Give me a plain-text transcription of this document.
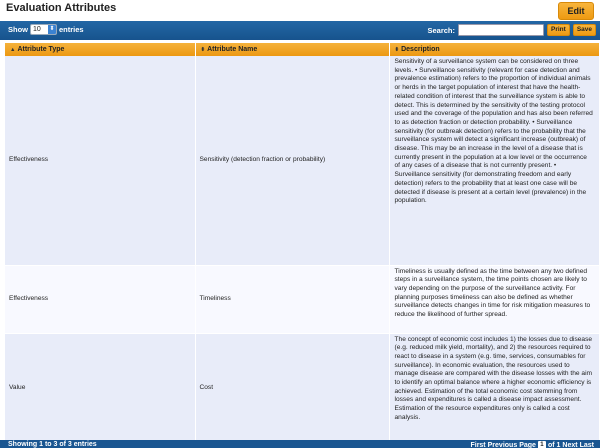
Evaluation Attributes	Edit
Show 10 ⬍ entries	Search:	Print	Save
▲ Attribute Type	⬍ Attribute Name	⬍ Description
Effectiveness	Sensitivity (detection fraction or probability)	Sensitivity of a surveillance system can be considered on three levels. • Surveillance sensitivity (relevant for case detection and prevalence estimation) refers to the proportion of individual animals or herds in the target population of interest that have the health-related condition of interest that the surveillance system is able to detect. This is determined by the sensitivity of the testing protocol used and the coverage of the population and has also been referred to as detection fraction or detection probability. • Surveillance sensitivity (for outbreak detection) refers to the probability that the surveillance system will detect a significant increase (outbreak) of disease. This may be an increase in the level of a disease that is currently present in the population at a low level or the occurrence of any cases of a disease that is not currently present. • Surveillance sensitivity (for demonstrating freedom and early detection) refers to the probability that at least one case will be detected if disease is present at a certain level (prevalence) in the population.
Effectiveness	Timeliness	Timeliness is usually defined as the time between any two defined steps in a surveillance system, the time points chosen are likely to vary depending on the purpose of the surveillance activity. For planning purposes timeliness can also be defined as whether surveillance detects changes in time for risk mitigation measures to reduce the likelihood of further spread.
Value	Cost	The concept of economic cost includes 1) the losses due to disease (e.g. reduced milk yield, mortality), and 2) the resources required to react to disease in a system (e.g. time, services, consumables for surveillance). In economic evaluation, the resources used to manage disease are compared with the disease losses with the aim to identify an optimal balance where a higher economic efficiency is achieved. Estimation of the total economic cost stemming from losses and expenditures is called a disease impact assessment. Estimation of the resource expenditures only is called a cost analysis.
Showing 1 to 3 of 3 entries	First Previous Page 1 of 1 Next Last
